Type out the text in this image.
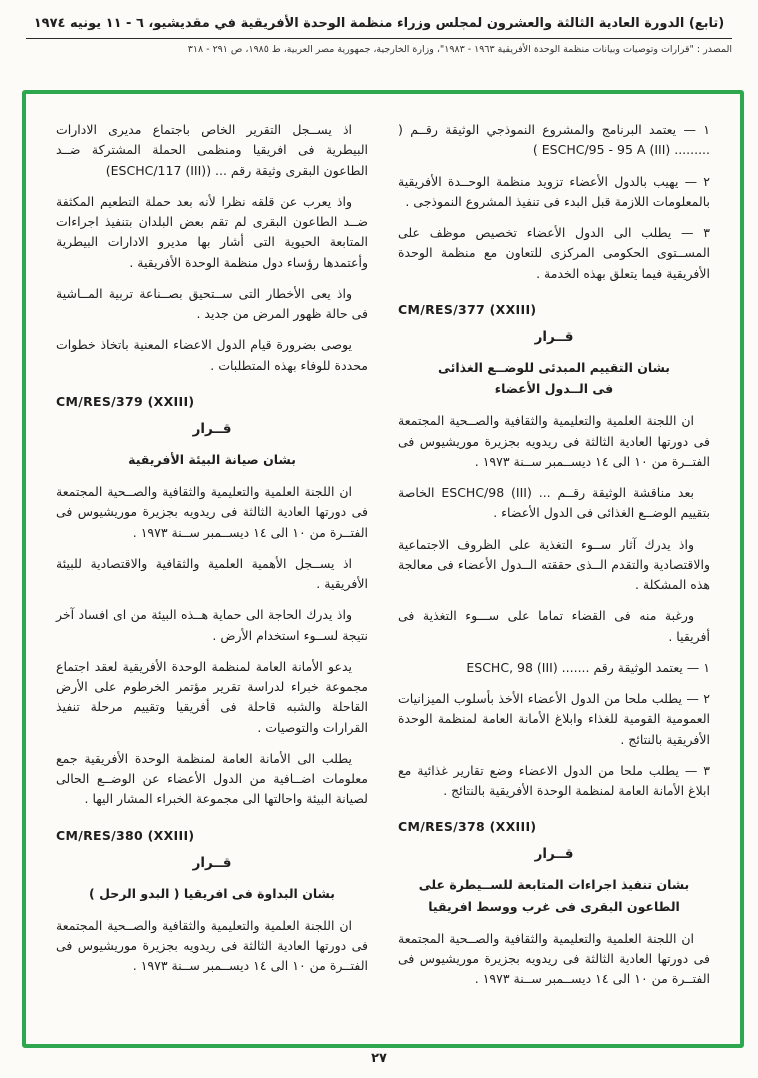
(تابع) الدورة العادية الثالثة والعشرون لمجلس وزراء منظمة الوحدة الأفريقية في مقديشيو، ٦ - ١١ يونيه ١٩٧٤
المصدر : "قرارات وتوصيات وبيانات منظمة الوحدة الأفريقية ١٩٦٣ - ١٩٨٣"، وزارة الخارجية، جمهورية مصر العربية، ط ١٩٨٥، ص ٢٩١ - ٣١٨
١ — يعتمد البرنامج والمشروع النموذجي الوثيقة رقــم ( ......... ESCHC/95 - 95 A (III) )
٢ — يهيب بالدول الأعضاء تزويد منظمة الوحــدة الأفريقية بالمعلومات اللازمة قبل البدء فى تنفيذ المشروع النموذجى .
٣ — يطلب الى الدول الأعضاء تخصيص موظف على المســتوى الحكومى المركزى للتعاون مع منظمة الوحدة الأفريقية فيما يتعلق بهذه الخدمة .
CM/RES/377 (XXIII)
قــرار
بشان التقييم المبدئى للوضــع الغذائى
فى الــدول الأعضاء
ان اللجنة العلمية والتعليمية والثقافية والصــحية المجتمعة فى دورتها العادية الثالثة فى ريدويه بجزيرة موريشيوس فى الفتــرة من ١٠ الى ١٤ ديســمبر ســنة ١٩٧٣ .
بعد مناقشة الوثيقة رقــم ... ESCHC/98 (III) الخاصة بتقييم الوضــع الغذائى فى الدول الأعضاء .
واذ يدرك آثار ســوء التغذية على الظروف الاجتماعية والاقتصادية والتقدم الــذى حققته الــدول الأعضاء فى معالجة هذه المشكلة .
ورغبة منه فى القضاء تماما على ســـوء التغذية فى أفريقيا .
١ — يعتمد الوثيقة رقم ....... ESCHC, 98 (III)
٢ — يطلب ملحا من الدول الأعضاء الأخذ بأسلوب الميزانيات العمومية القومية للغذاء وابلاغ الأمانة العامة لمنظمة الوحدة الأفريقية بالنتائج .
٣ — يطلب ملحا من الدول الاعضاء وضع تقارير غذائية مع ابلاغ الأمانة العامة لمنظمة الوحدة الأفريقية بالنتائج .
CM/RES/378 (XXIII)
قــرار
بشان تنفيذ اجراءات المتابعة للســيطرة على
الطاعون البقرى فى غرب ووسط افريقيا
ان اللجنة العلمية والتعليمية والثقافية والصــحية المجتمعة فى دورتها العادية الثالثة فى ريدويه بجزيرة موريشيوس فى الفتــرة من ١٠ الى ١٤ ديســمبر ســنة ١٩٧٣ .
اذ يســجل التقرير الخاص باجتماع مديرى الادارات البيطرية فى افريقيا ومنظمى الحملة المشتركة ضــد الطاعون البقرى وثيقة رقم ... (ESCHC/117 (III))
واذ يعرب عن قلقه نظرا لأنه بعد حملة التطعيم المكثفة ضــد الطاعون البقرى لم تقم بعض البلدان بتنفيذ اجراءات المتابعة الحيوية التى أشار بها مديرو الادارات البيطرية وأعتمدها رؤساء دول منظمة الوحدة الأفريقية .
واذ يعى الأخطار التى ســتحيق بصــناعة تربية المــاشية فى حالة ظهور المرض من جديد .
يوصى بضرورة قيام الدول الاعضاء المعنية باتخاذ خطوات محددة للوفاء بهذه المتطلبات .
CM/RES/379 (XXIII)
قــرار
بشان صيانة البيئة الأفريقية
ان اللجنة العلمية والتعليمية والثقافية والصــحية المجتمعة فى دورتها العادية الثالثة فى ريدويه بجزيرة موريشيوس فى الفتــرة من ١٠ الى ١٤ ديســمبر ســنة ١٩٧٣ .
اذ يســجل الأهمية العلمية والثقافية والاقتصادية للبيئة الأفريقية .
واذ يدرك الحاجة الى حماية هــذه البيئة من اى افساد آخر نتيجة لســوء استخدام الأرض .
يدعو الأمانة العامة لمنظمة الوحدة الأفريقية لعقد اجتماع مجموعة خبراء لدراسة تقرير مؤتمر الخرطوم على الأرض القاحلة والشبه قاحلة فى أفريقيا وتقييم مرحلة تنفيذ القرارات والتوصيات .
يطلب الى الأمانة العامة لمنظمة الوحدة الأفريقية جمع معلومات اضــافية من الدول الأعضاء عن الوضــع الحالى لصيانة البيئة واحالتها الى مجموعة الخبراء المشار اليها .
CM/RES/380 (XXIII)
قــرار
بشان البداوة فى افريقيا ( البدو الرحل )
ان اللجنة العلمية والتعليمية والثقافية والصــحية المجتمعة فى دورتها العادية الثالثة فى ريدويه بجزيرة موريشيوس فى الفتــرة من ١٠ الى ١٤ ديســمبر ســنة ١٩٧٣ .
٢٧
